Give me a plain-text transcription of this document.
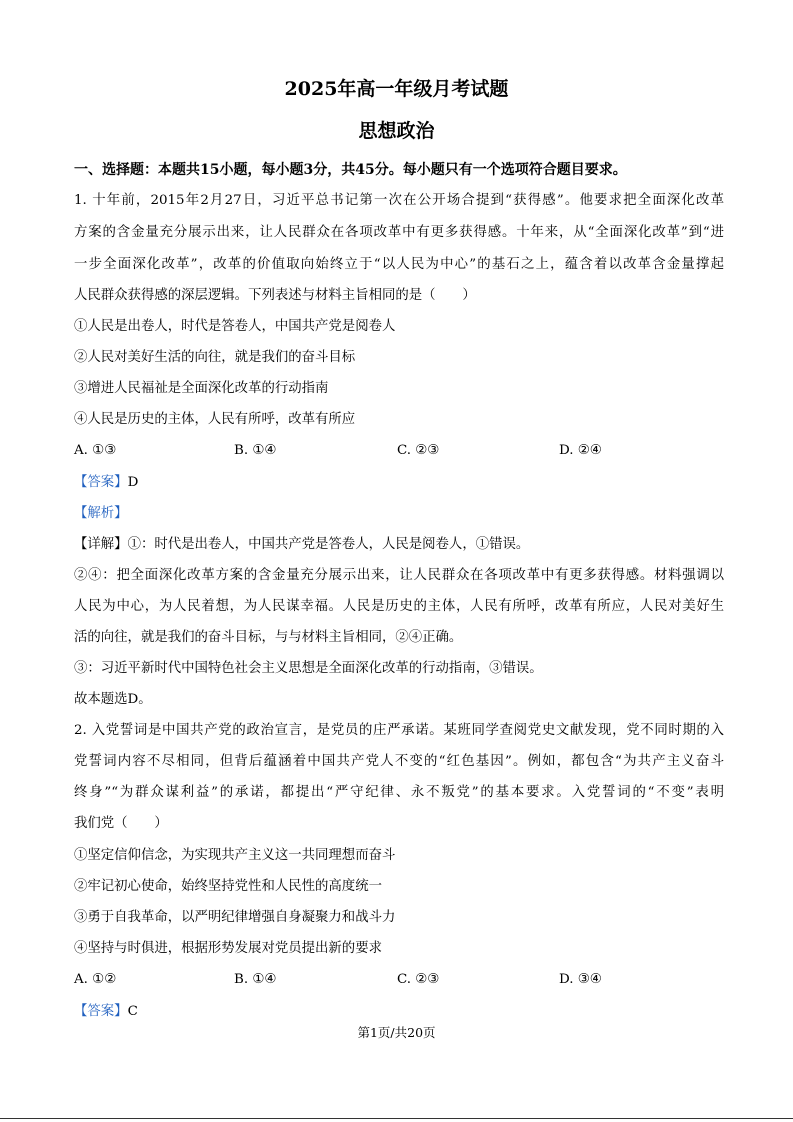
2025年高一年级月考试题
思想政治
一、选择题：本题共15小题，每小题3分，共45分。每小题只有一个选项符合题目要求。
1. 十年前，2015年2月27日，习近平总书记第一次在公开场合提到“获得感”。他要求把全面深化改革
方案的含金量充分展示出来，让人民群众在各项改革中有更多获得感。十年来，从“全面深化改革”到“进
一步全面深化改革”，改革的价值取向始终立于“以人民为中心”的基石之上，蕴含着以改革含金量撑起
人民群众获得感的深层逻辑。下列表述与材料主旨相同的是（　　）
①人民是出卷人，时代是答卷人，中国共产党是阅卷人
②人民对美好生活的向往，就是我们的奋斗目标
③增进人民福祉是全面深化改革的行动指南
④人民是历史的主体，人民有所呼，改革有所应
A. ①③	B. ①④	C. ②③	D. ②④
【答案】D
【解析】
【详解】①：时代是出卷人，中国共产党是答卷人，人民是阅卷人，①错误。
②④：把全面深化改革方案的含金量充分展示出来，让人民群众在各项改革中有更多获得感。材料强调以
人民为中心，为人民着想，为人民谋幸福。人民是历史的主体，人民有所呼，改革有所应，人民对美好生
活的向往，就是我们的奋斗目标，与与材料主旨相同，②④正确。
③：习近平新时代中国特色社会主义思想是全面深化改革的行动指南，③错误。
故本题选D。
2. 入党誓词是中国共产党的政治宣言，是党员的庄严承诺。某班同学查阅党史文献发现，党不同时期的入
党誓词内容不尽相同，但背后蕴涵着中国共产党人不变的“红色基因”。例如，都包含“为共产主义奋斗
终身”“为群众谋利益”的承诺，都提出“严守纪律、永不叛党”的基本要求。入党誓词的“不变”表明
我们党（　　）
①坚定信仰信念，为实现共产主义这一共同理想而奋斗
②牢记初心使命，始终坚持党性和人民性的高度统一
③勇于自我革命，以严明纪律增强自身凝聚力和战斗力
④坚持与时俱进，根据形势发展对党员提出新的要求
A. ①②	B. ①④	C. ②③	D. ③④
【答案】C
第1页/共20页
